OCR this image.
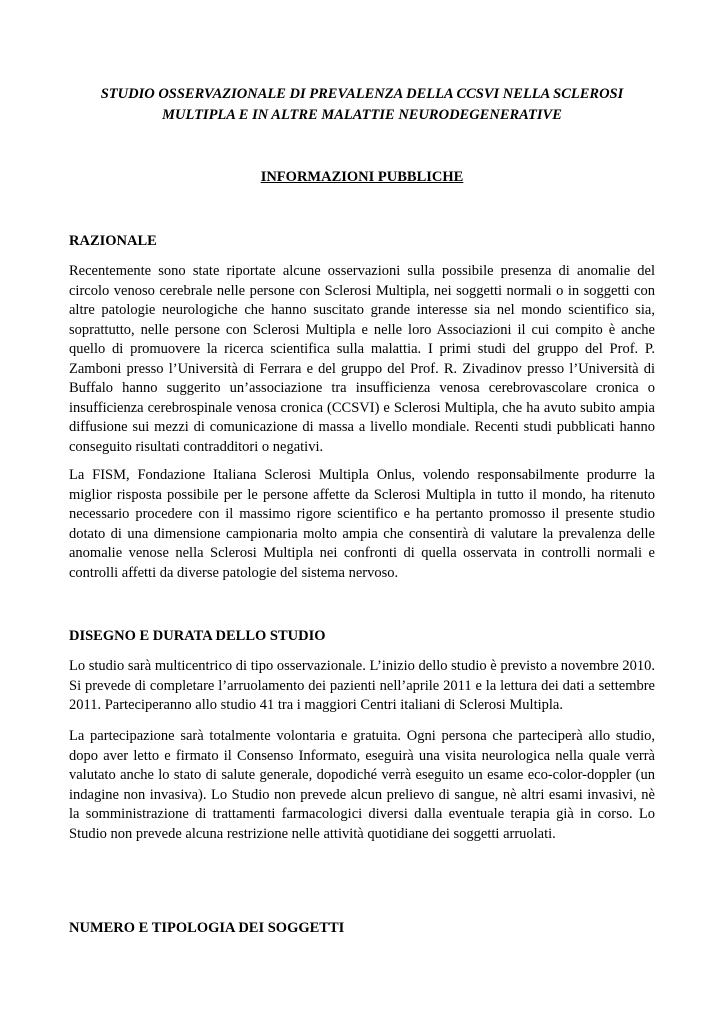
STUDIO OSSERVAZIONALE DI PREVALENZA DELLA CCSVI NELLA SCLEROSI MULTIPLA E IN ALTRE MALATTIE NEURODEGENERATIVE

INFORMAZIONI PUBBLICHE

RAZIONALE

Recentemente sono state riportate alcune osservazioni sulla possibile presenza di anomalie del circolo venoso cerebrale nelle persone con Sclerosi Multipla, nei soggetti normali o in soggetti con altre patologie neurologiche che hanno suscitato grande interesse sia nel mondo scientifico sia, soprattutto, nelle persone con Sclerosi Multipla e nelle loro Associazioni il cui compito è anche quello di promuovere la ricerca scientifica sulla malattia. I primi studi del gruppo del Prof. P. Zamboni presso l’Università di Ferrara e del gruppo del Prof. R. Zivadinov presso l’Università di Buffalo hanno suggerito un’associazione tra insufficienza venosa cerebrovascolare cronica o insufficienza cerebrospinale venosa cronica (CCSVI) e Sclerosi Multipla, che ha avuto subito ampia diffusione sui mezzi di comunicazione di massa a livello mondiale. Recenti studi pubblicati hanno conseguito risultati contradditori o negativi.

La FISM, Fondazione Italiana Sclerosi Multipla Onlus, volendo responsabilmente produrre la miglior risposta possibile per le persone affette da Sclerosi Multipla in tutto il mondo, ha ritenuto necessario procedere con il massimo rigore scientifico e ha pertanto promosso il presente studio dotato di una dimensione campionaria molto ampia che consentirà di valutare la prevalenza delle anomalie venose nella Sclerosi Multipla nei confronti di quella osservata in controlli normali e controlli affetti da diverse patologie del sistema nervoso.

DISEGNO E DURATA DELLO STUDIO

Lo studio sarà multicentrico di tipo osservazionale. L’inizio dello studio è previsto a novembre 2010. Si prevede di completare l’arruolamento dei pazienti nell’aprile 2011 e la lettura dei dati a settembre 2011. Parteciperanno allo studio 41 tra i maggiori Centri italiani di Sclerosi Multipla.

La partecipazione sarà totalmente volontaria e gratuita. Ogni persona che parteciperà allo studio, dopo aver letto e firmato il Consenso Informato, eseguirà una visita neurologica nella quale verrà valutato anche lo stato di salute generale, dopodiché verrà eseguito un esame eco-color-doppler (un indagine non invasiva). Lo Studio non prevede alcun prelievo di sangue, nè altri esami invasivi, nè la somministrazione di trattamenti farmacologici diversi dalla eventuale terapia già in corso. Lo Studio non prevede alcuna restrizione nelle attività quotidiane dei soggetti arruolati.

NUMERO E TIPOLOGIA DEI SOGGETTI
